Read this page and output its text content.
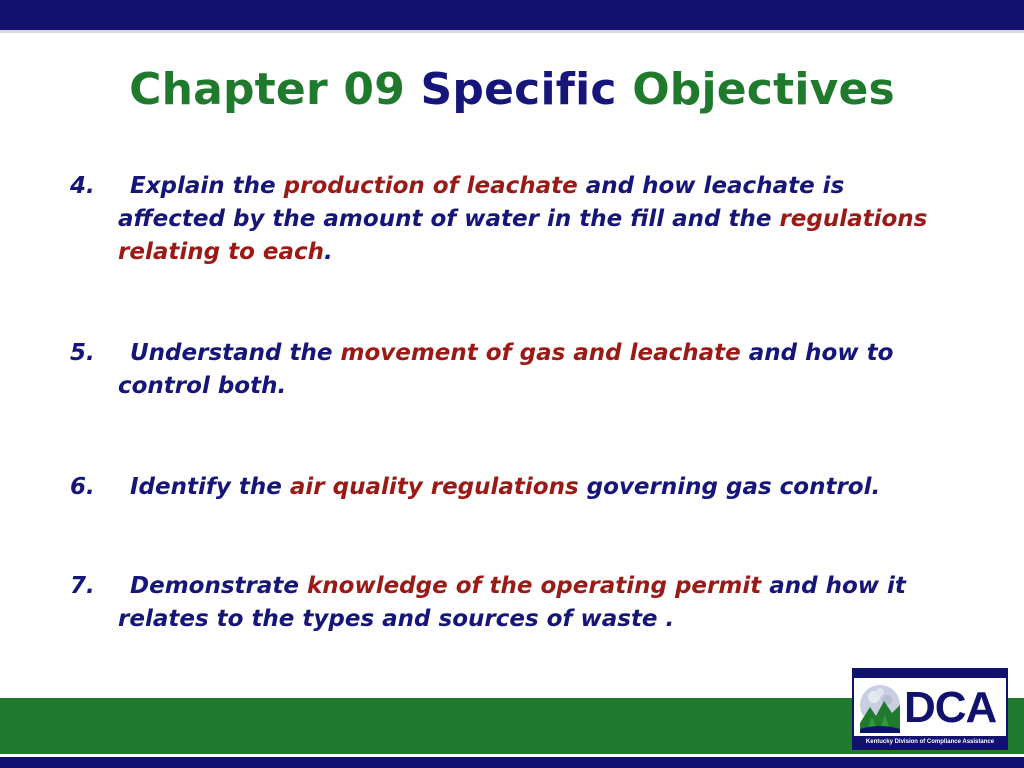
Chapter 09 Specific Objectives
4.	Explain the production of leachate and how leachate is affected by the amount of water in the fill and the regulations relating to each.
5.	Understand the movement of gas and leachate and how to control both.
6.	Identify the air quality regulations governing gas control.
7.	Demonstrate knowledge of the operating permit and how it relates to the types and sources of waste .
DCA
Kentucky Division of Compliance Assistance
